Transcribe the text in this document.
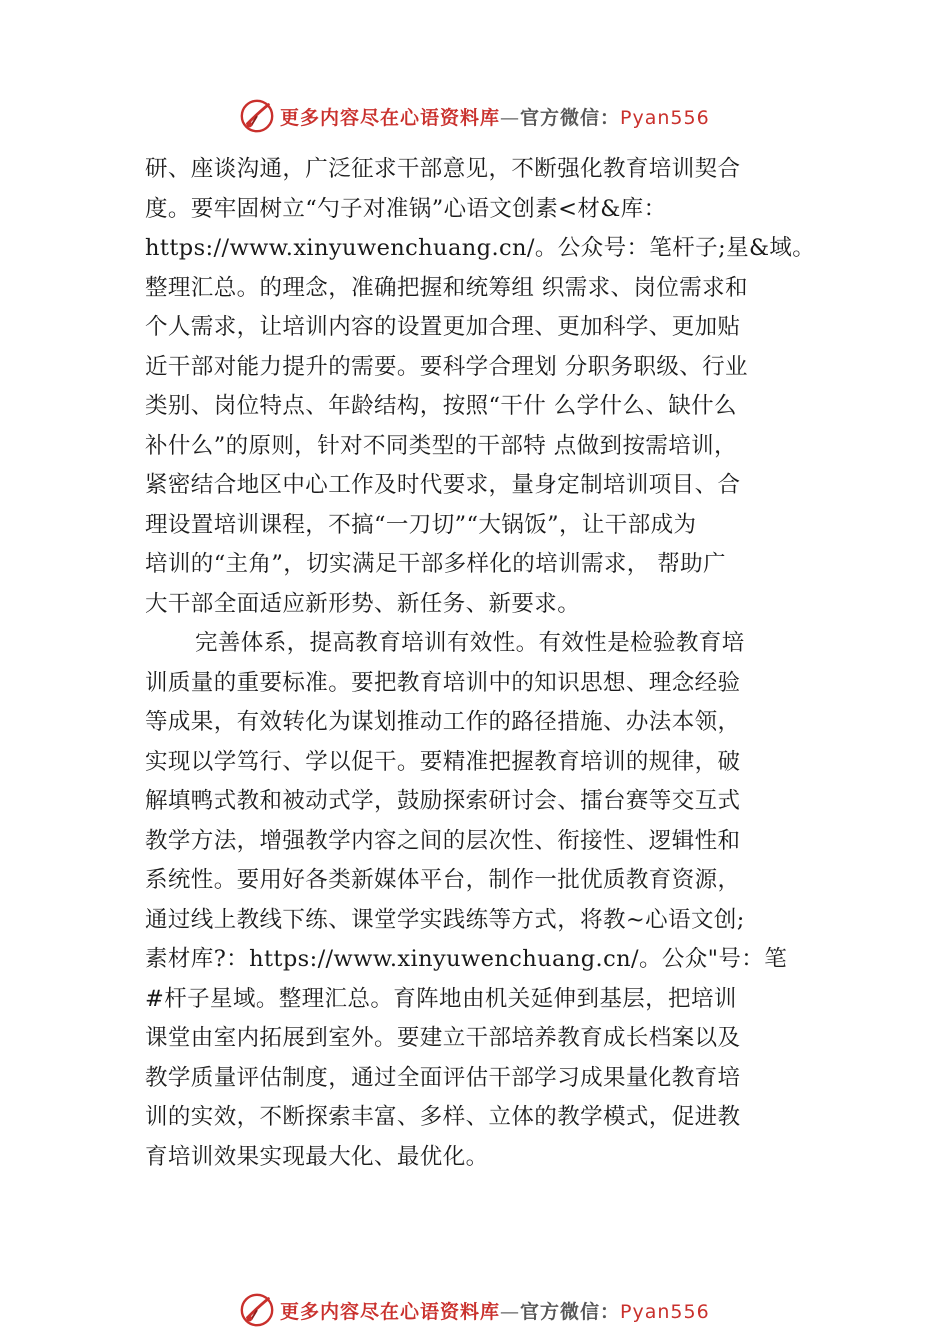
更多内容尽在心语资料库—官方微信：Pyan556

研、座谈沟通，广泛征求干部意见，不断强化教育培训契合
度。要牢固树立“勺子对准锅”心语文创素<材&库：
https://www.xinyuwenchuang.cn/。公众号：笔杆子;星&域。
整理汇总。的理念，准确把握和统筹组 织需求、岗位需求和
个人需求，让培训内容的设置更加合理、更加科学、更加贴
近干部对能力提升的需要。要科学合理划 分职务职级、行业
类别、岗位特点、年龄结构，按照“干什 么学什么、缺什么
补什么”的原则，针对不同类型的干部特 点做到按需培训，
紧密结合地区中心工作及时代要求，量身定制培训项目、合
理设置培训课程，不搞“一刀切”“大锅饭”，让干部成为
培训的“主角”，切实满足干部多样化的培训需求， 帮助广
大干部全面适应新形势、新任务、新要求。

完善体系，提高教育培训有效性。有效性是检验教育培
训质量的重要标准。要把教育培训中的知识思想、理念经验
等成果，有效转化为谋划推动工作的路径措施、办法本领，
实现以学笃行、学以促干。要精准把握教育培训的规律，破
解填鸭式教和被动式学，鼓励探索研讨会、擂台赛等交互式
教学方法，增强教学内容之间的层次性、衔接性、逻辑性和
系统性。要用好各类新媒体平台，制作一批优质教育资源，
通过线上教线下练、课堂学实践练等方式，将教~心语文创;
素材库?：https://www.xinyuwenchuang.cn/。公众"号：笔
#杆子星域。整理汇总。育阵地由机关延伸到基层，把培训
课堂由室内拓展到室外。要建立干部培养教育成长档案以及
教学质量评估制度，通过全面评估干部学习成果量化教育培
训的实效，不断探索丰富、多样、立体的教学模式，促进教
育培训效果实现最大化、最优化。

更多内容尽在心语资料库—官方微信：Pyan556
